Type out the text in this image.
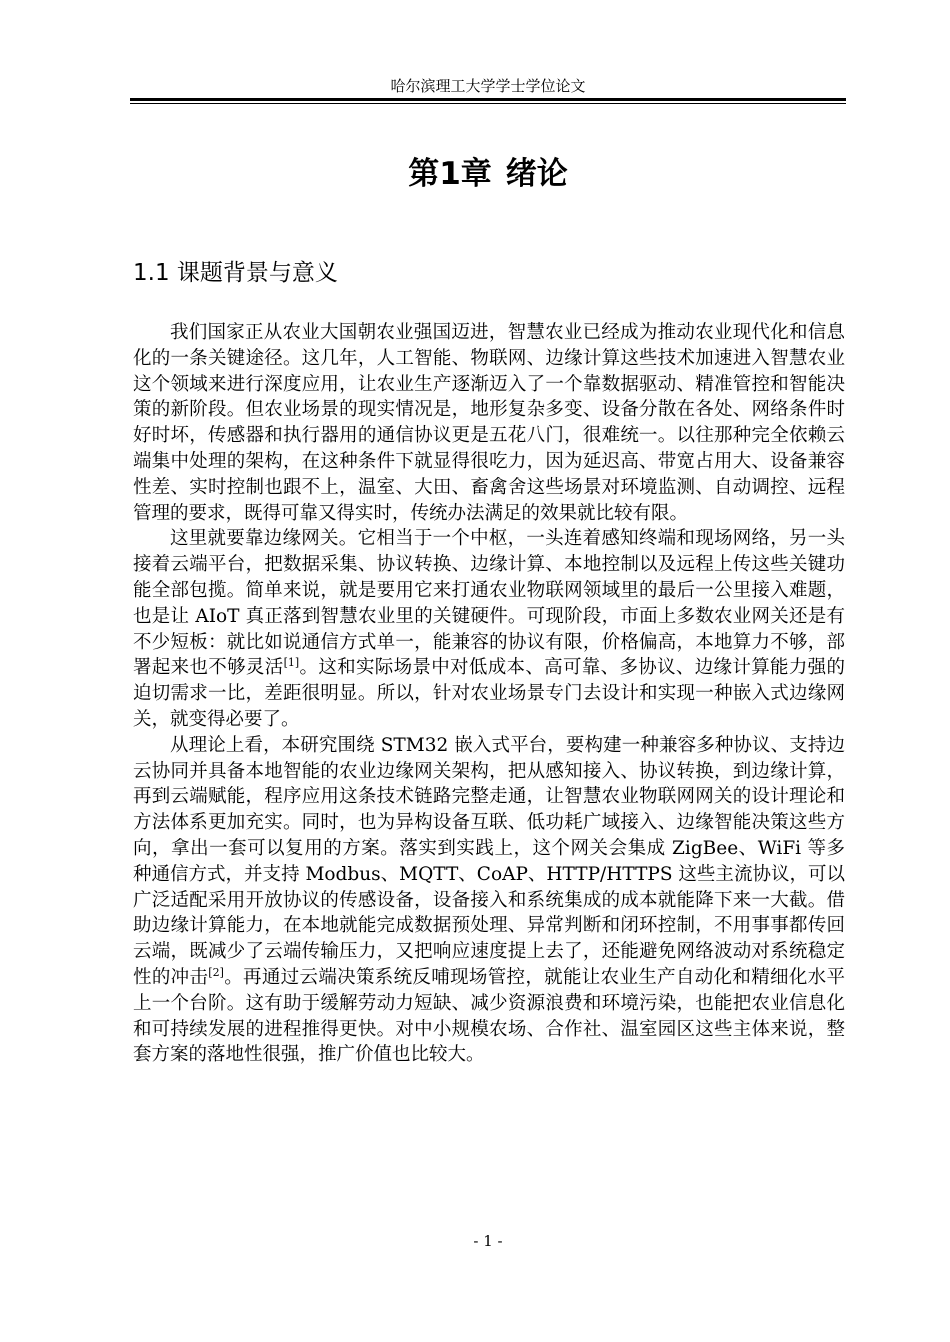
哈尔滨理工大学学士学位论文
第1章 绪论
1.1 课题背景与意义

我们国家正从农业大国朝农业强国迈进，智慧农业已经成为推动农业现代化和信息化的一条关键途径。这几年，人工智能、物联网、边缘计算这些技术加速进入智慧农业这个领域来进行深度应用，让农业生产逐渐迈入了一个靠数据驱动、精准管控和智能决策的新阶段。但农业场景的现实情况是，地形复杂多变、设备分散在各处、网络条件时好时坏，传感器和执行器用的通信协议更是五花八门，很难统一。以往那种完全依赖云端集中处理的架构，在这种条件下就显得很吃力，因为延迟高、带宽占用大、设备兼容性差、实时控制也跟不上，温室、大田、畜禽舍这些场景对环境监测、自动调控、远程管理的要求，既得可靠又得实时，传统办法满足的效果就比较有限。

这里就要靠边缘网关。它相当于一个中枢，一头连着感知终端和现场网络，另一头接着云端平台，把数据采集、协议转换、边缘计算、本地控制以及远程上传这些关键功能全部包揽。简单来说，就是要用它来打通农业物联网领域里的最后一公里接入难题，也是让 AIoT 真正落到智慧农业里的关键硬件。可现阶段，市面上多数农业网关还是有不少短板：就比如说通信方式单一，能兼容的协议有限，价格偏高，本地算力不够，部署起来也不够灵活[1]。这和实际场景中对低成本、高可靠、多协议、边缘计算能力强的迫切需求一比，差距很明显。所以，针对农业场景专门去设计和实现一种嵌入式边缘网关，就变得必要了。

从理论上看，本研究围绕 STM32 嵌入式平台，要构建一种兼容多种协议、支持边云协同并具备本地智能的农业边缘网关架构，把从感知接入、协议转换，到边缘计算，再到云端赋能，程序应用这条技术链路完整走通，让智慧农业物联网网关的设计理论和方法体系更加充实。同时，也为异构设备互联、低功耗广域接入、边缘智能决策这些方向，拿出一套可以复用的方案。落实到实践上，这个网关会集成 ZigBee、WiFi 等多种通信方式，并支持 Modbus、MQTT、CoAP、HTTP/HTTPS 这些主流协议，可以广泛适配采用开放协议的传感设备，设备接入和系统集成的成本就能降下来一大截。借助边缘计算能力，在本地就能完成数据预处理、异常判断和闭环控制，不用事事都传回云端，既减少了云端传输压力，又把响应速度提上去了，还能避免网络波动对系统稳定性的冲击[2]。再通过云端决策系统反哺现场管控，就能让农业生产自动化和精细化水平上一个台阶。这有助于缓解劳动力短缺、减少资源浪费和环境污染，也能把农业信息化和可持续发展的进程推得更快。对中小规模农场、合作社、温室园区这些主体来说，整套方案的落地性很强，推广价值也比较大。

- 1 -
